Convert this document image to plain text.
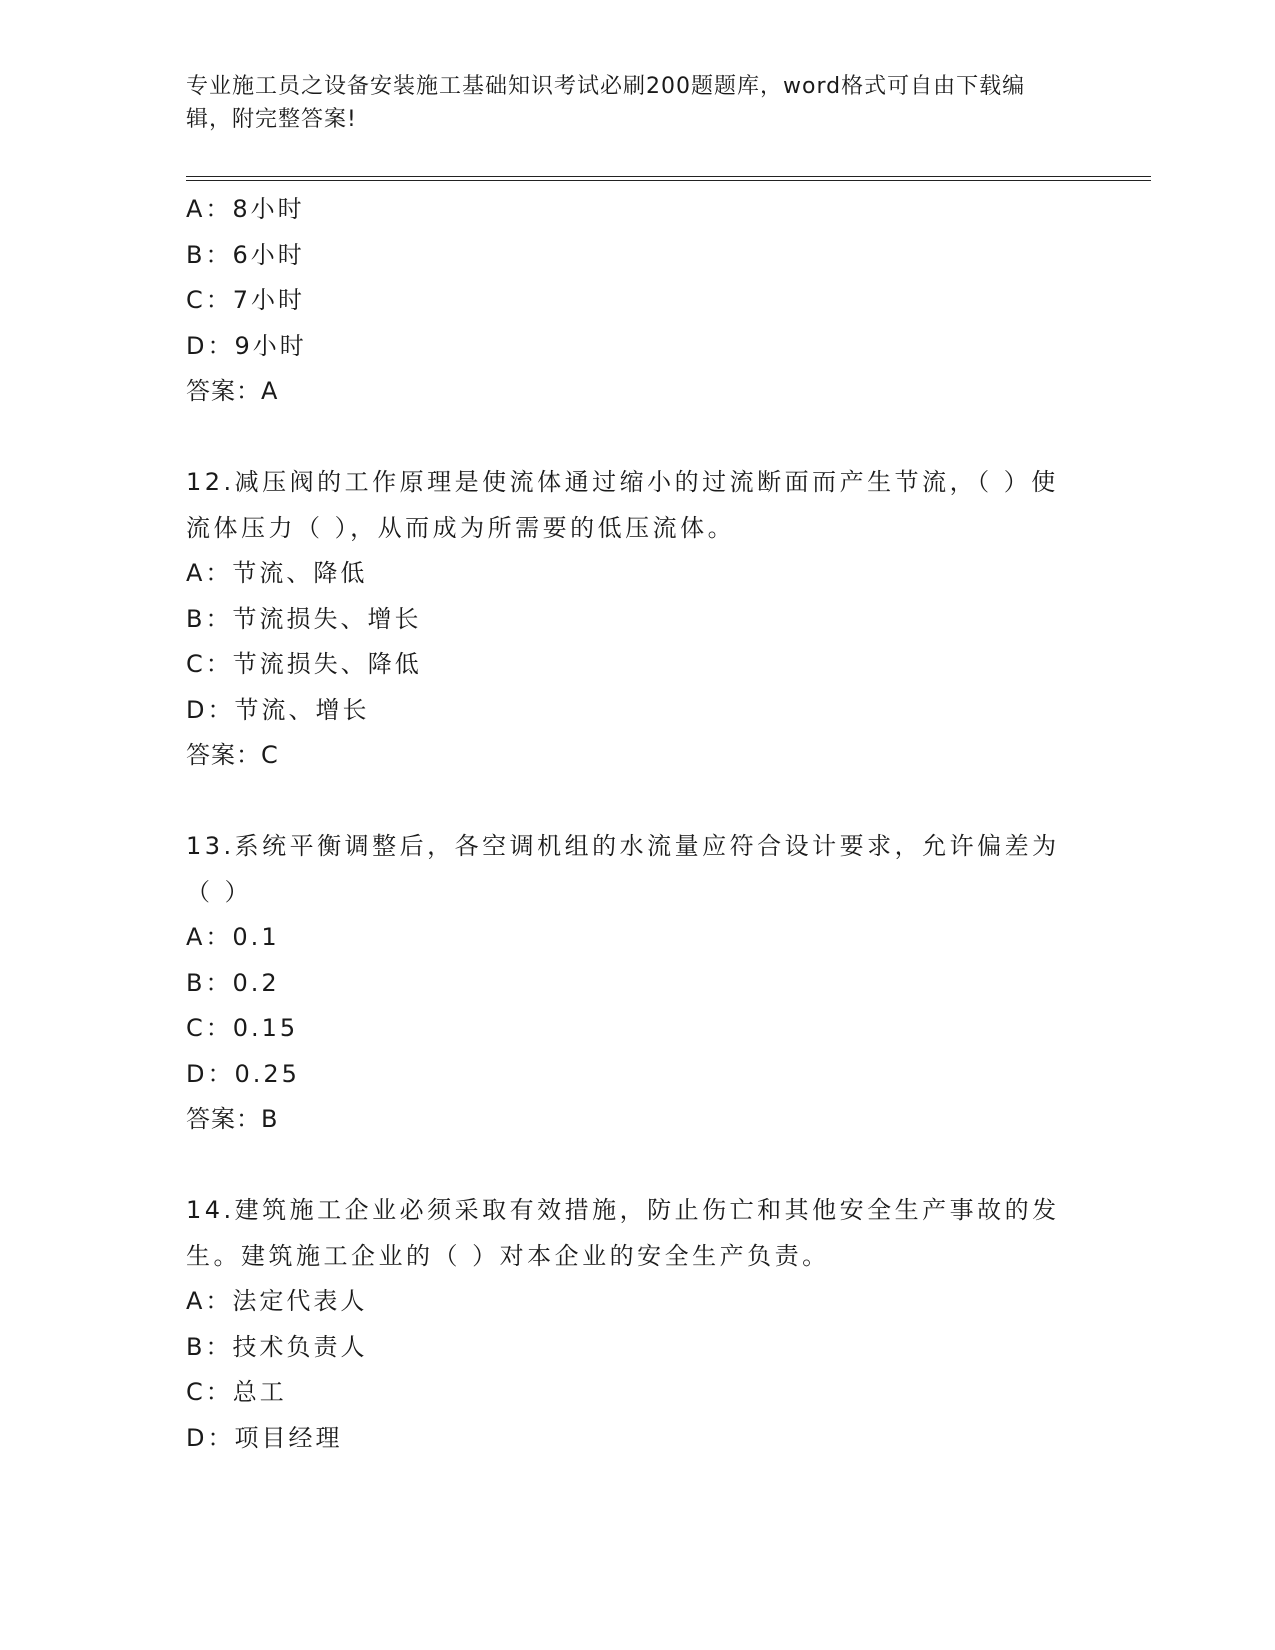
专业施工员之设备安装施工基础知识考试必刷200题题库，word格式可自由下载编辑，附完整答案!
A：8小时
B：6小时
C：7小时
D：9小时
答案：A
12.减压阀的工作原理是使流体通过缩小的过流断面而产生节流，（ ）使流体压力（ ），从而成为所需要的低压流体。
A：节流、降低
B：节流损失、增长
C：节流损失、降低
D：节流、增长
答案：C
13.系统平衡调整后，各空调机组的水流量应符合设计要求，允许偏差为（ ）
A：0.1
B：0.2
C：0.15
D：0.25
答案：B
14.建筑施工企业必须采取有效措施，防止伤亡和其他安全生产事故的发生。建筑施工企业的（ ）对本企业的安全生产负责。
A：法定代表人
B：技术负责人
C：总工
D：项目经理
